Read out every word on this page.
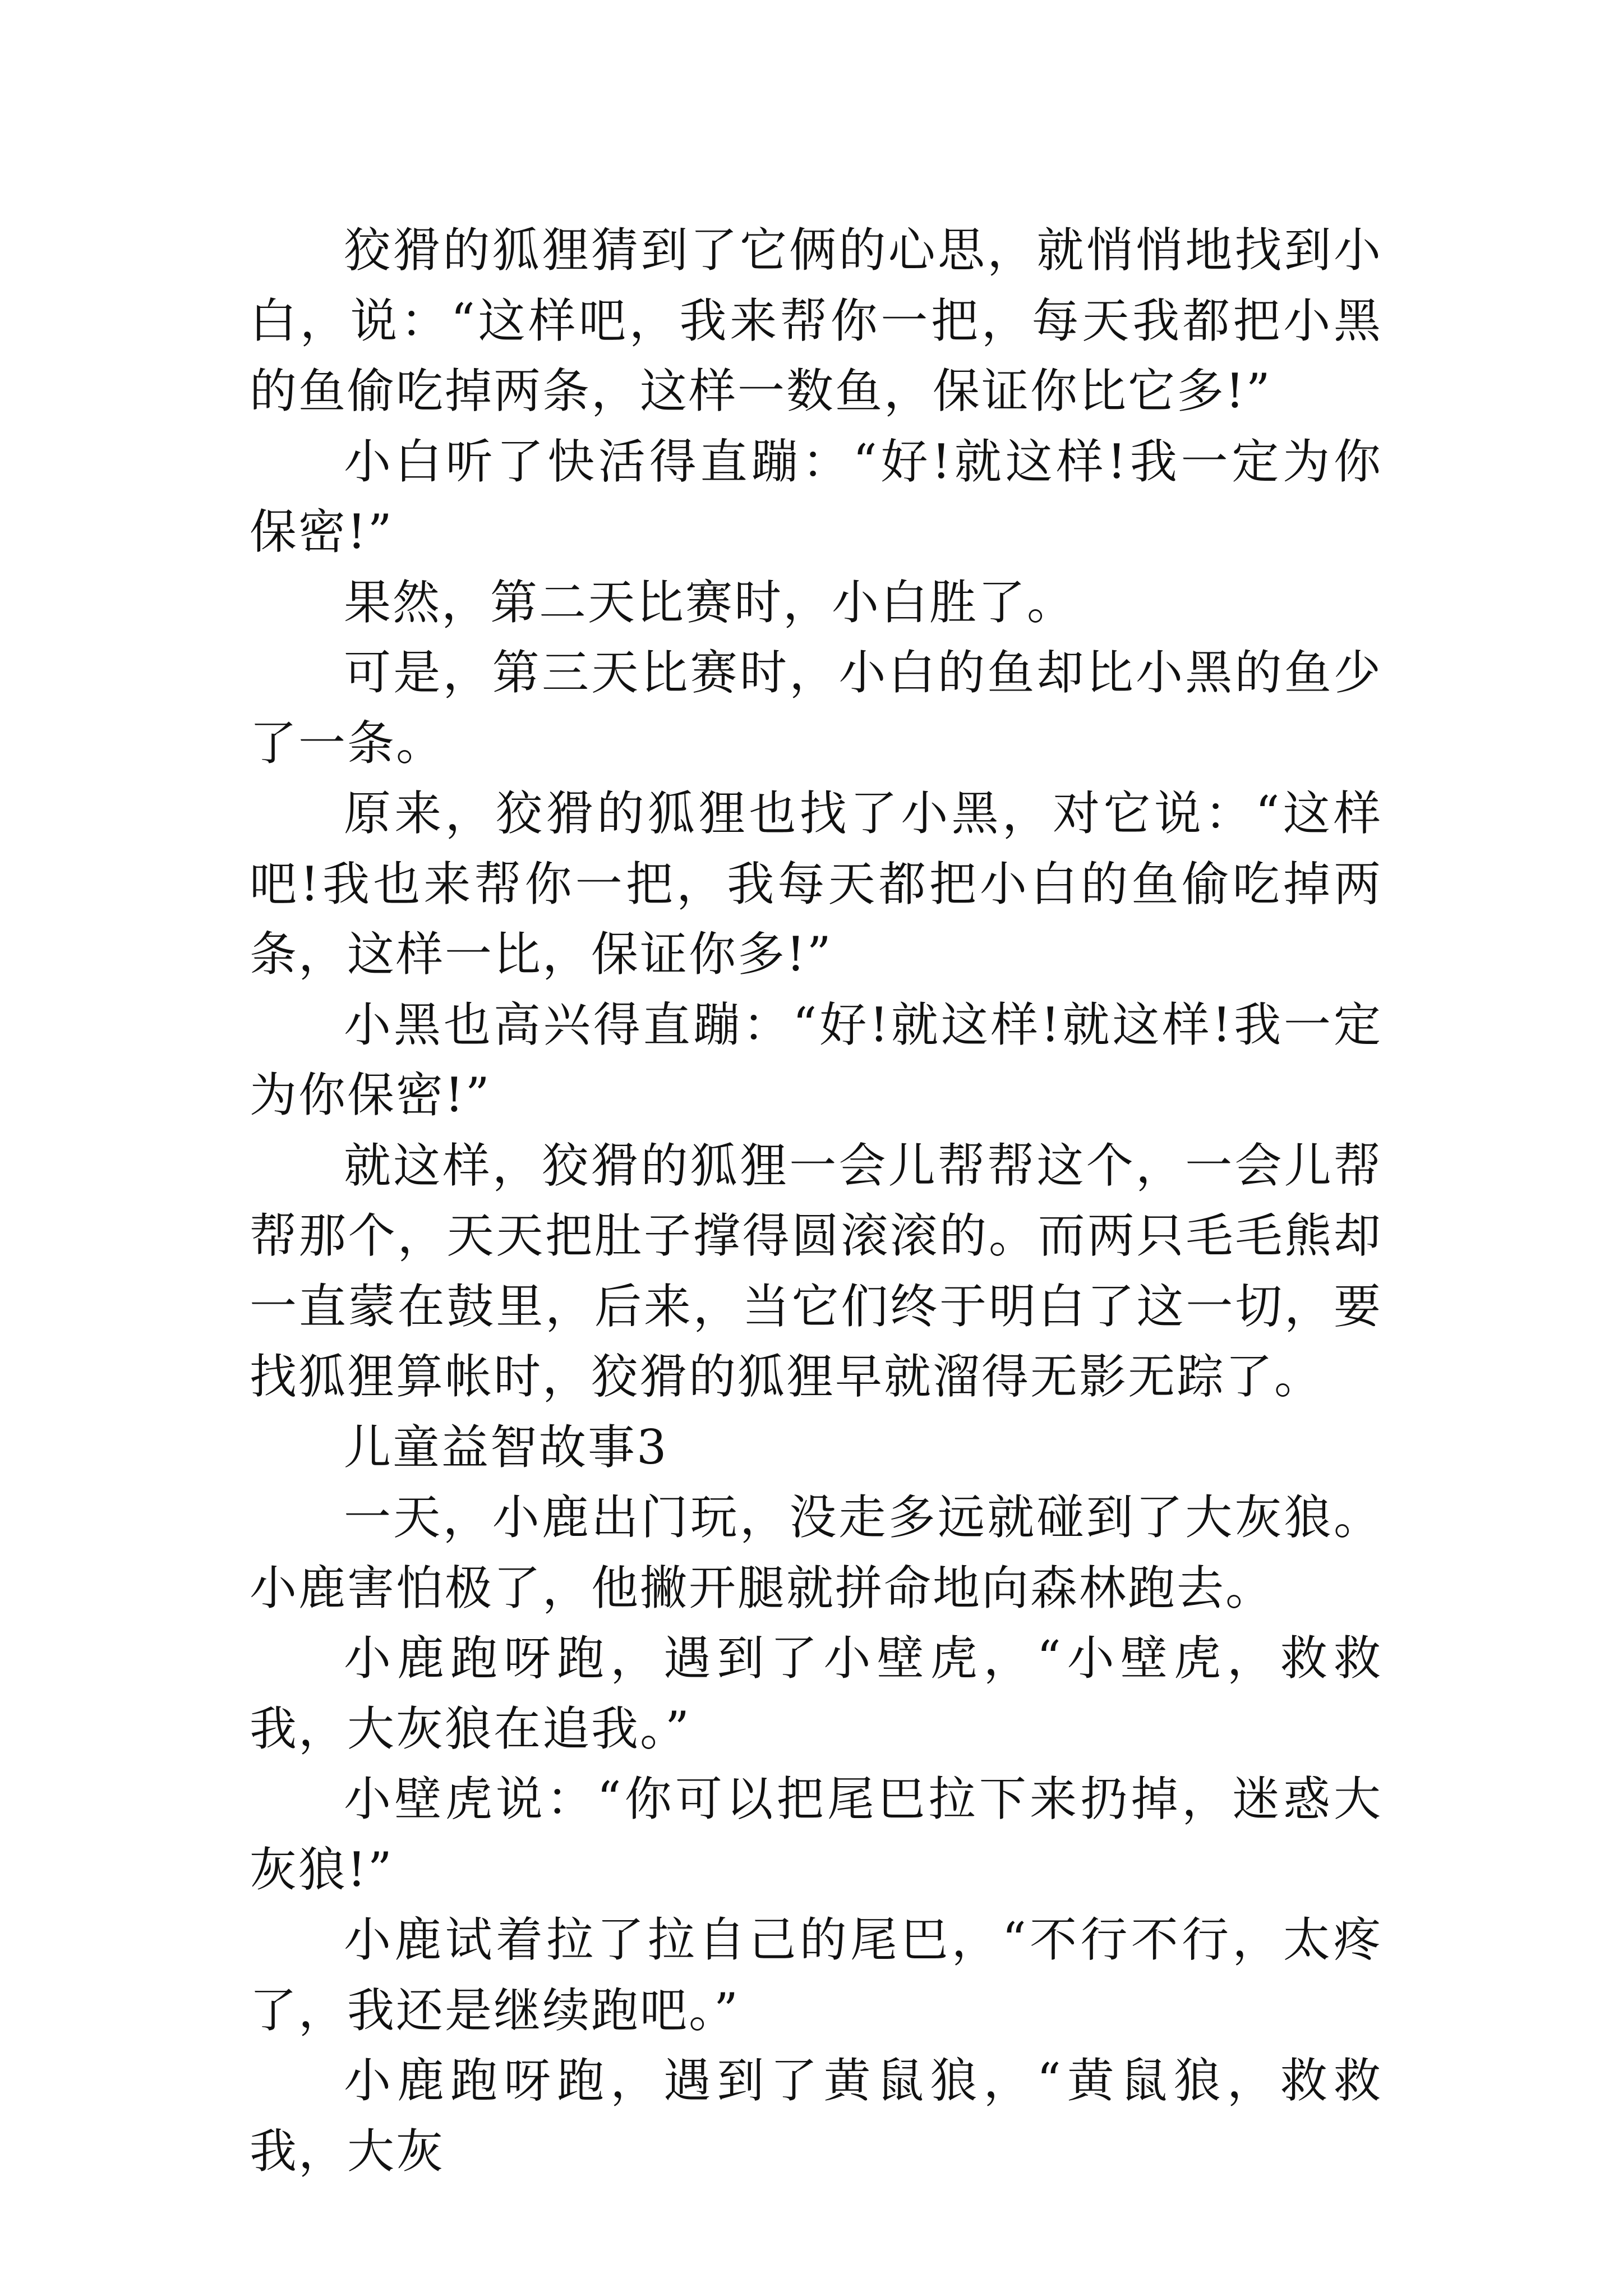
狡猾的狐狸猜到了它俩的心思，就悄悄地找到小白，说：“这样吧，我来帮你一把，每天我都把小黑的鱼偷吃掉两条，这样一数鱼，保证你比它多!”

小白听了快活得直蹦：“好!就这样!我一定为你保密!”

果然，第二天比赛时，小白胜了。

可是，第三天比赛时，小白的鱼却比小黑的鱼少了一条。

原来，狡猾的狐狸也找了小黑，对它说：“这样吧!我也来帮你一把，我每天都把小白的鱼偷吃掉两条，这样一比，保证你多!”

小黑也高兴得直蹦：“好!就这样!就这样!我一定为你保密!”

就这样，狡猾的狐狸一会儿帮帮这个，一会儿帮帮那个，天天把肚子撑得圆滚滚的。而两只毛毛熊却一直蒙在鼓里，后来，当它们终于明白了这一切，要找狐狸算帐时，狡猾的狐狸早就溜得无影无踪了。

儿童益智故事3

一天，小鹿出门玩，没走多远就碰到了大灰狼。小鹿害怕极了，他撇开腿就拼命地向森林跑去。

小鹿跑呀跑，遇到了小壁虎，“小壁虎，救救我，大灰狼在追我。”

小壁虎说：“你可以把尾巴拉下来扔掉，迷惑大灰狼!”

小鹿试着拉了拉自己的尾巴，“不行不行，太疼了，我还是继续跑吧。”

小鹿跑呀跑，遇到了黄鼠狼，“黄鼠狼，救救我，大灰
